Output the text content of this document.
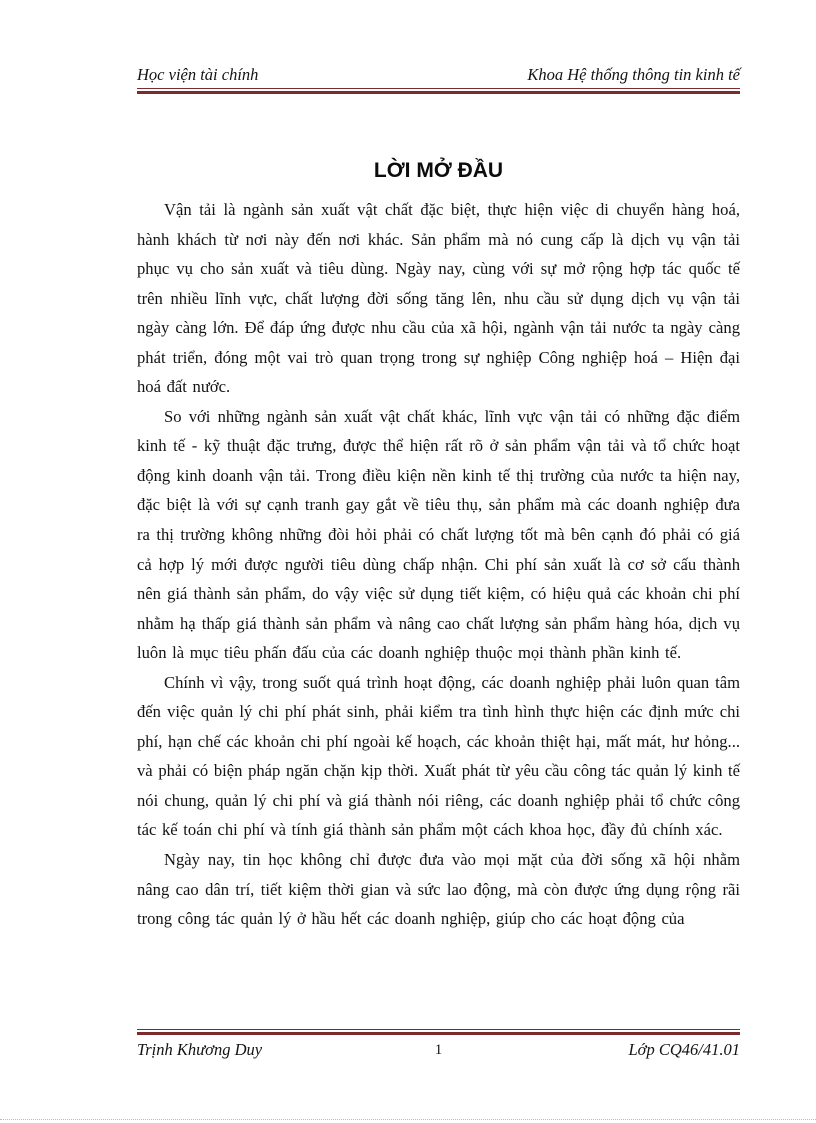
Học viện tài chính	Khoa Hệ thống thông tin kinh tế
LỜI MỞ ĐẦU

Vận tải là ngành sản xuất vật chất đặc biệt, thực hiện việc di chuyển hàng hoá, hành khách từ nơi này đến nơi khác. Sản phẩm mà nó cung cấp là dịch vụ vận tải phục vụ cho sản xuất và tiêu dùng. Ngày nay, cùng với sự mở rộng hợp tác quốc tế trên nhiều lĩnh vực, chất lượng đời sống tăng lên, nhu cầu sử dụng dịch vụ vận tải ngày càng lớn. Để đáp ứng được nhu cầu của xã hội, ngành vận tải nước ta ngày càng phát triển, đóng một vai trò quan trọng trong sự nghiệp Công nghiệp hoá – Hiện đại hoá đất nước.

So với những ngành sản xuất vật chất khác, lĩnh vực vận tải có những đặc điểm kinh tế - kỹ thuật đặc trưng, được thể hiện rất rõ ở sản phẩm vận tải và tổ chức hoạt động kinh doanh vận tải. Trong điều kiện nền kinh tế thị trường của nước ta hiện nay, đặc biệt là với sự cạnh tranh gay gắt về tiêu thụ, sản phẩm mà các doanh nghiệp đưa ra thị trường không những đòi hỏi phải có chất lượng tốt mà bên cạnh đó phải có giá cả hợp lý mới được người tiêu dùng chấp nhận. Chi phí sản xuất là cơ sở cấu thành nên giá thành sản phẩm, do vậy việc sử dụng tiết kiệm, có hiệu quả các khoản chi phí nhằm hạ thấp giá thành sản phẩm và nâng cao chất lượng sản phẩm hàng hóa, dịch vụ luôn là mục tiêu phấn đấu của các doanh nghiệp thuộc mọi thành phần kinh tế.

Chính vì vậy, trong suốt quá trình hoạt động, các doanh nghiệp phải luôn quan tâm đến việc quản lý chi phí phát sinh, phải kiểm tra tình hình thực hiện các định mức chi phí, hạn chế các khoản chi phí ngoài kế hoạch, các khoản thiệt hại, mất mát, hư hỏng... và phải có biện pháp ngăn chặn kịp thời. Xuất phát từ yêu cầu công tác quản lý kinh tế nói chung, quản lý chi phí và giá thành nói riêng, các doanh nghiệp phải tổ chức công tác kế toán chi phí và tính giá thành sản phẩm một cách khoa học, đầy đủ chính xác.

Ngày nay, tin học không chỉ được đưa vào mọi mặt của đời sống xã hội nhằm nâng cao dân trí, tiết kiệm thời gian và sức lao động, mà còn được ứng dụng rộng rãi trong công tác quản lý ở hầu hết các doanh nghiệp, giúp cho các hoạt động của

Trịnh Khương Duy	1	Lớp CQ46/41.01
